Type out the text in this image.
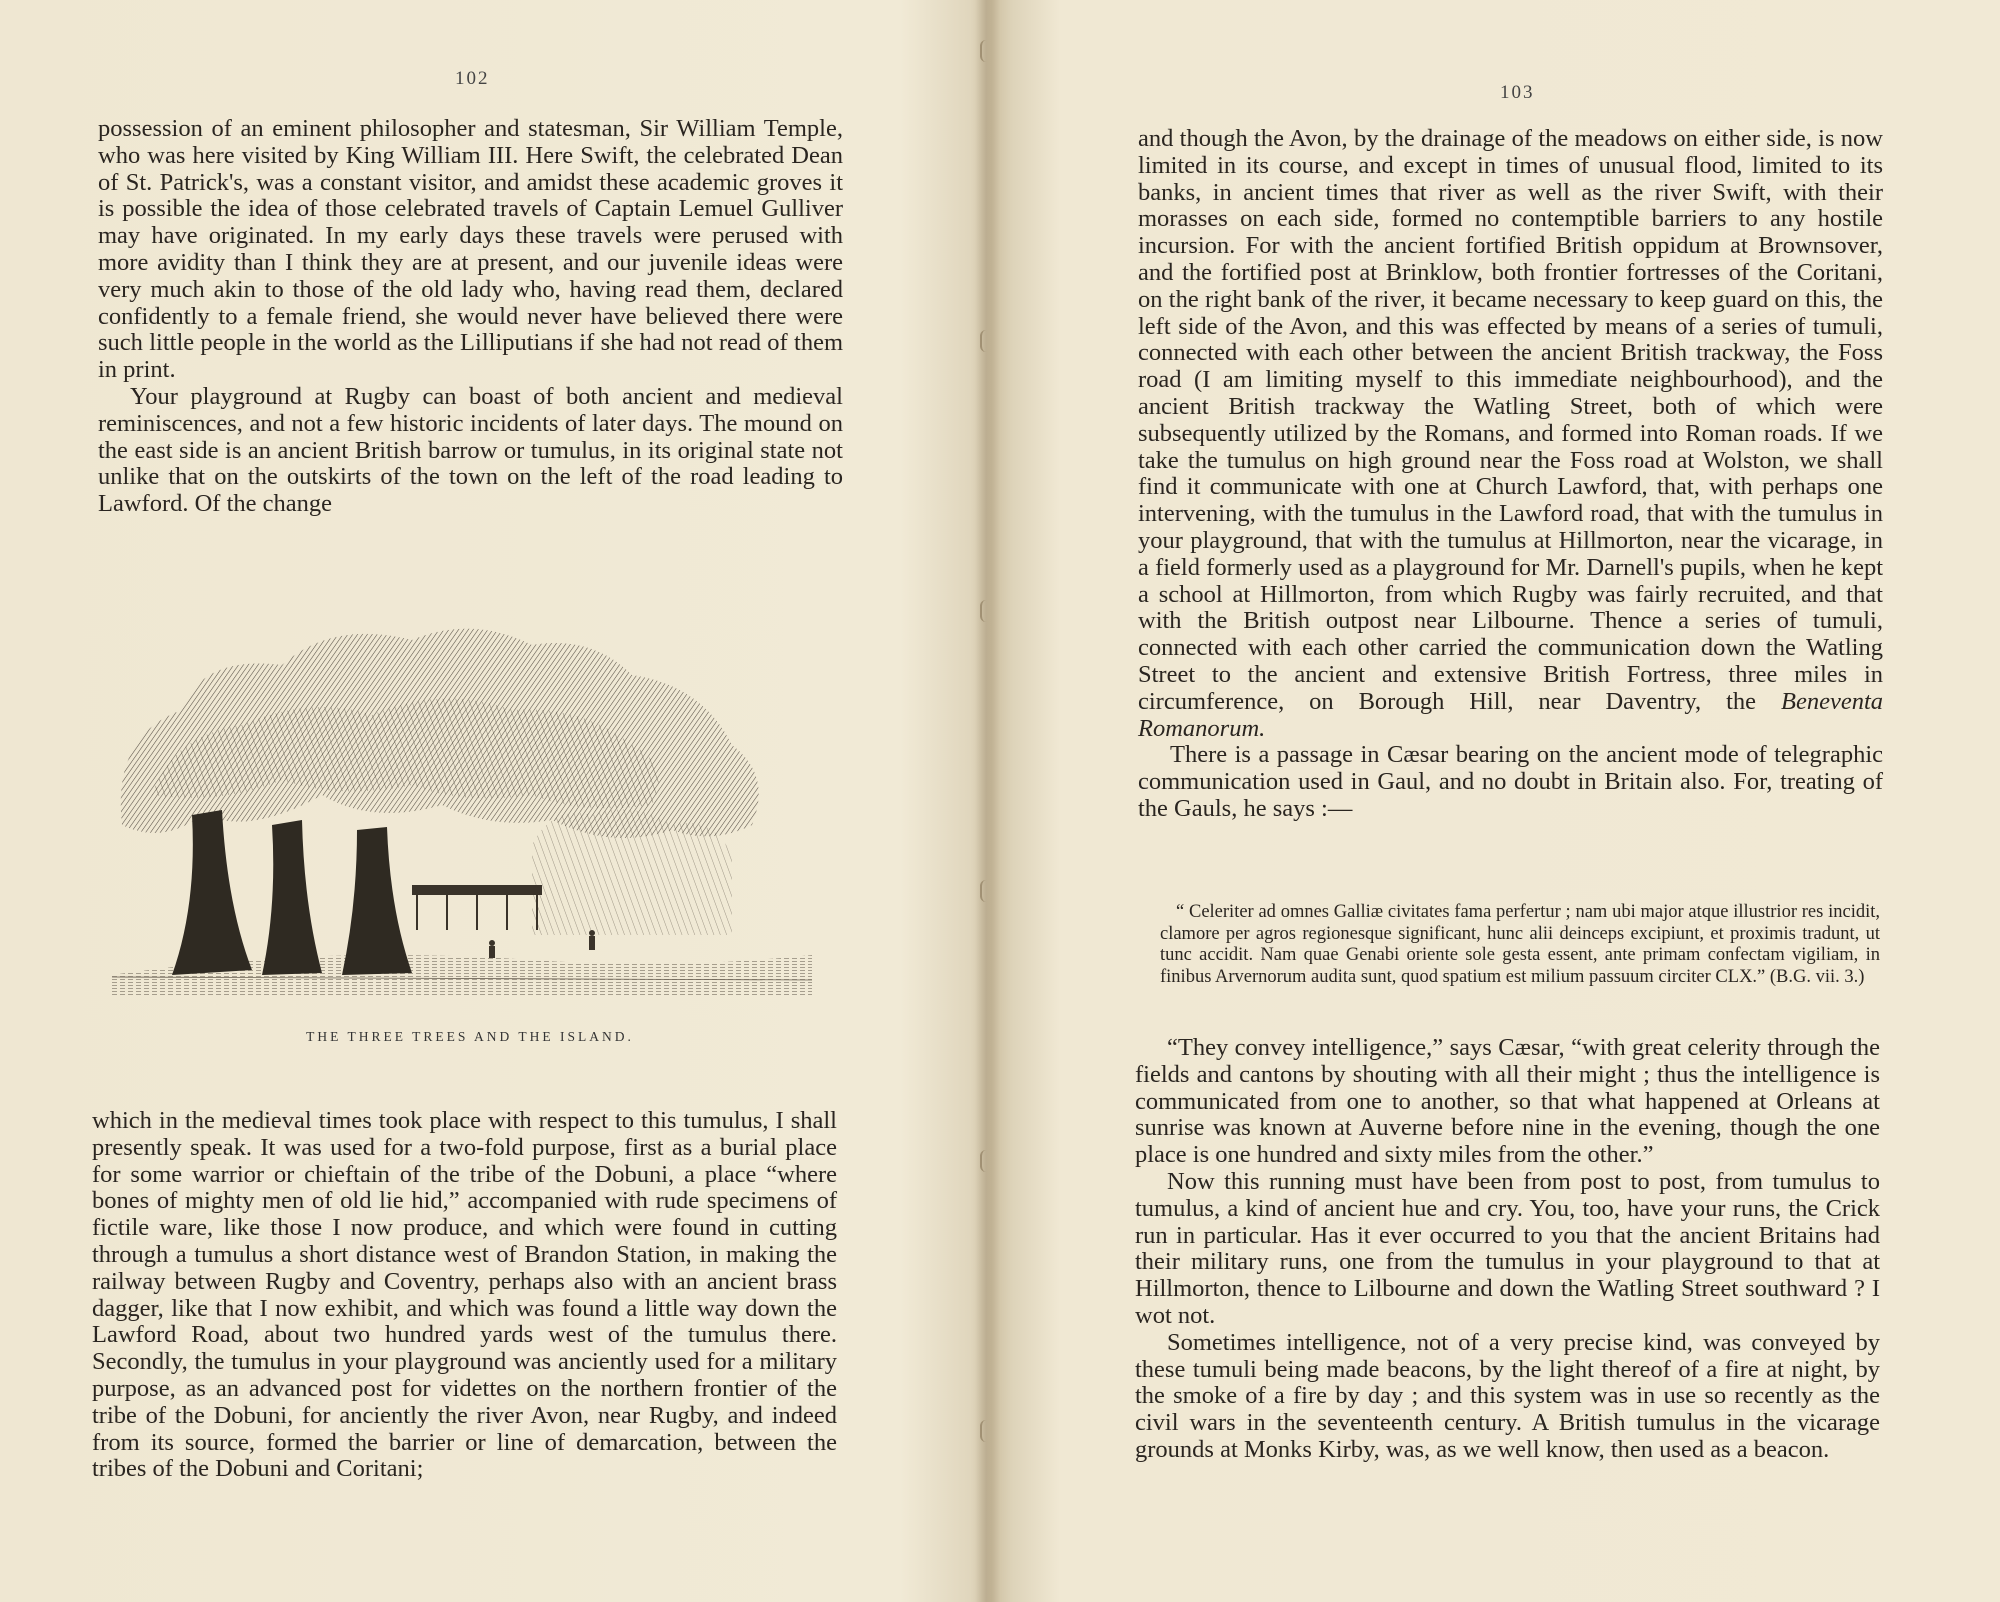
102

possession of an eminent philosopher and statesman, Sir William Temple, who was here visited by King William III. Here Swift, the celebrated Dean of St. Patrick's, was a constant visitor, and amidst these academic groves it is possible the idea of those celebrated travels of Captain Lemuel Gulliver may have originated. In my early days these travels were perused with more avidity than I think they are at present, and our juvenile ideas were very much akin to those of the old lady who, having read them, declared confidently to a female friend, she would never have believed there were such little people in the world as the Lilliputians if she had not read of them in print.

Your playground at Rugby can boast of both ancient and medieval reminiscences, and not a few historic incidents of later days. The mound on the east side is an ancient British barrow or tumulus, in its original state not unlike that on the outskirts of the town on the left of the road leading to Lawford. Of the change

THE THREE TREES AND THE ISLAND.

which in the medieval times took place with respect to this tumulus, I shall presently speak. It was used for a two-fold purpose, first as a burial place for some warrior or chieftain of the tribe of the Dobuni, a place “where bones of mighty men of old lie hid,” accompanied with rude specimens of fictile ware, like those I now produce, and which were found in cutting through a tumulus a short distance west of Brandon Station, in making the railway between Rugby and Coventry, perhaps also with an ancient brass dagger, like that I now exhibit, and which was found a little way down the Lawford Road, about two hundred yards west of the tumulus there. Secondly, the tumulus in your playground was anciently used for a military purpose, as an advanced post for videttes on the northern frontier of the tribe of the Dobuni, for anciently the river Avon, near Rugby, and indeed from its source, formed the barrier or line of demarcation, between the tribes of the Dobuni and Coritani;

103

and though the Avon, by the drainage of the meadows on either side, is now limited in its course, and except in times of unusual flood, limited to its banks, in ancient times that river as well as the river Swift, with their morasses on each side, formed no contemptible barriers to any hostile incursion. For with the ancient fortified British oppidum at Brownsover, and the fortified post at Brinklow, both frontier fortresses of the Coritani, on the right bank of the river, it became necessary to keep guard on this, the left side of the Avon, and this was effected by means of a series of tumuli, connected with each other between the ancient British trackway, the Foss road (I am limiting myself to this immediate neighbourhood), and the ancient British trackway the Watling Street, both of which were subsequently utilized by the Romans, and formed into Roman roads. If we take the tumulus on high ground near the Foss road at Wolston, we shall find it communicate with one at Church Lawford, that, with perhaps one intervening, with the tumulus in the Lawford road, that with the tumulus in your playground, that with the tumulus at Hillmorton, near the vicarage, in a field formerly used as a playground for Mr. Darnell's pupils, when he kept a school at Hillmorton, from which Rugby was fairly recruited, and that with the British outpost near Lilbourne. Thence a series of tumuli, connected with each other carried the communication down the Watling Street to the ancient and extensive British Fortress, three miles in circumference, on Borough Hill, near Daventry, the Beneventa Romanorum.

There is a passage in Cæsar bearing on the ancient mode of telegraphic communication used in Gaul, and no doubt in Britain also. For, treating of the Gauls, he says :—

“ Celeriter ad omnes Galliæ civitates fama perfertur ; nam ubi major atque illustrior res incidit, clamore per agros regionesque significant, hunc alii deinceps excipiunt, et proximis tradunt, ut tunc accidit. Nam quae Genabi oriente sole gesta essent, ante primam confectam vigiliam, in finibus Arvernorum audita sunt, quod spatium est milium passuum circiter CLX.” (B.G. vii. 3.)

“They convey intelligence,” says Cæsar, “with great celerity through the fields and cantons by shouting with all their might ; thus the intelligence is communicated from one to another, so that what happened at Orleans at sunrise was known at Auverne before nine in the evening, though the one place is one hundred and sixty miles from the other.”

Now this running must have been from post to post, from tumulus to tumulus, a kind of ancient hue and cry. You, too, have your runs, the Crick run in particular. Has it ever occurred to you that the ancient Britains had their military runs, one from the tumulus in your playground to that at Hillmorton, thence to Lilbourne and down the Watling Street southward ? I wot not.

Sometimes intelligence, not of a very precise kind, was conveyed by these tumuli being made beacons, by the light thereof of a fire at night, by the smoke of a fire by day ; and this system was in use so recently as the civil wars in the seventeenth century. A British tumulus in the vicarage grounds at Monks Kirby, was, as we well know, then used as a beacon.
